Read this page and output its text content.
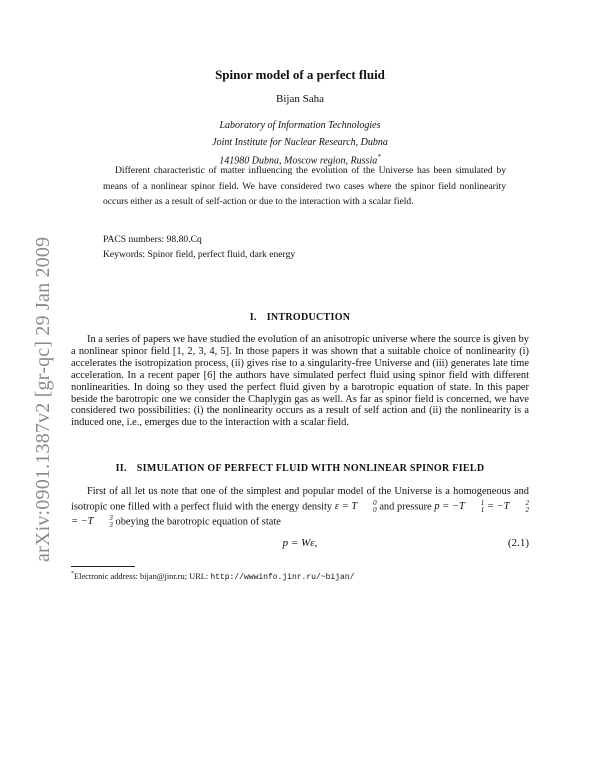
arXiv:0901.1387v2 [gr-qc] 29 Jan 2009
Spinor model of a perfect fluid
Bijan Saha
Laboratory of Information Technologies
Joint Institute for Nuclear Research, Dubna
141980 Dubna, Moscow region, Russia*
Different characteristic of matter influencing the evolution of the Universe has been simulated by means of a nonlinear spinor field. We have considered two cases where the spinor field nonlinearity occurs either as a result of self-action or due to the interaction with a scalar field.
PACS numbers: 98.80.Cq
Keywords: Spinor field, perfect fluid, dark energy
I. INTRODUCTION
In a series of papers we have studied the evolution of an anisotropic universe where the source is given by a nonlinear spinor field [1, 2, 3, 4, 5]. In those papers it was shown that a suitable choice of nonlinearity (i) accelerates the isotropization process, (ii) gives rise to a singularity-free Universe and (iii) generates late time acceleration. In a recent paper [6] the authors have simulated perfect fluid using spinor field with different nonlinearities. In doing so they used the perfect fluid given by a barotropic equation of state. In this paper beside the barotropic one we consider the Chaplygin gas as well. As far as spinor field is concerned, we have considered two possibilities: (i) the nonlinearity occurs as a result of self action and (ii) the nonlinearity is a induced one, i.e., emerges due to the interaction with a scalar field.
II. SIMULATION OF PERFECT FLUID WITH NONLINEAR SPINOR FIELD
First of all let us note that one of the simplest and popular model of the Universe is a homogeneous and isotropic one filled with a perfect fluid with the energy density ε = T	0
0 and pressure p = −T	1
1 = −T	2
2
= −T	3
3 obeying the barotropic equation of state
p = Wε,	(2.1)
*Electronic address: bijan@jinr.ru; URL: http://wwwinfo.jinr.ru/~bijan/
